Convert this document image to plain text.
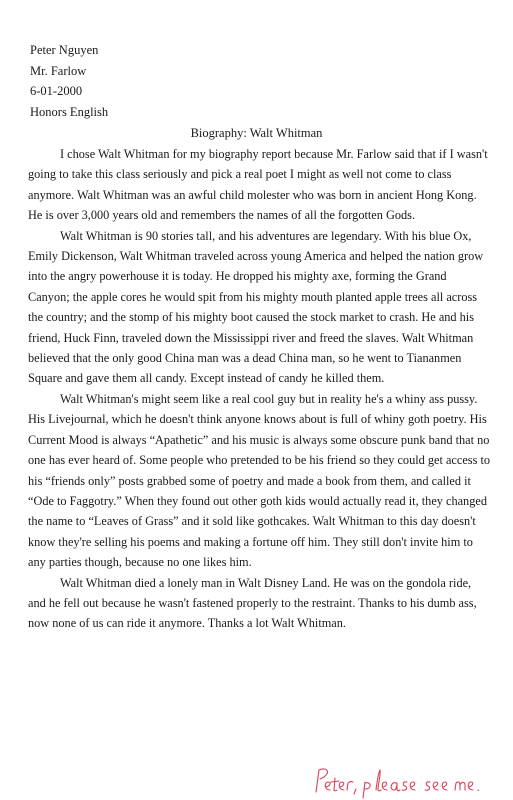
Peter Nguyen
Mr. Farlow
6-01-2000
Honors English
Biography: Walt Whitman

I chose Walt Whitman for my biography report because Mr. Farlow said that if I wasn't going to take this class seriously and pick a real poet I might as well not come to class anymore. Walt Whitman was an awful child molester who was born in ancient Hong Kong. He is over 3,000 years old and remembers the names of all the forgotten Gods.

Walt Whitman is 90 stories tall, and his adventures are legendary. With his blue Ox, Emily Dickenson, Walt Whitman traveled across young America and helped the nation grow into the angry powerhouse it is today. He dropped his mighty axe, forming the Grand Canyon; the apple cores he would spit from his mighty mouth planted apple trees all across the country; and the stomp of his mighty boot caused the stock market to crash. He and his friend, Huck Finn, traveled down the Mississippi river and freed the slaves. Walt Whitman believed that the only good China man was a dead China man, so he went to Tiananmen Square and gave them all candy. Except instead of candy he killed them.

Walt Whitman's might seem like a real cool guy but in reality he's a whiny ass pussy. His Livejournal, which he doesn't think anyone knows about is full of whiny goth poetry. His Current Mood is always “Apathetic” and his music is always some obscure punk band that no one has ever heard of. Some people who pretended to be his friend so they could get access to his “friends only” posts grabbed some of poetry and made a book from them, and called it “Ode to Faggotry.” When they found out other goth kids would actually read it, they changed the name to “Leaves of Grass” and it sold like gothcakes. Walt Whitman to this day doesn't know they're selling his poems and making a fortune off him. They still don't invite him to any parties though, because no one likes him.

Walt Whitman died a lonely man in Walt Disney Land. He was on the gondola ride, and he fell out because he wasn't fastened properly to the restraint. Thanks to his dumb ass, now none of us can ride it anymore. Thanks a lot Walt Whitman.
